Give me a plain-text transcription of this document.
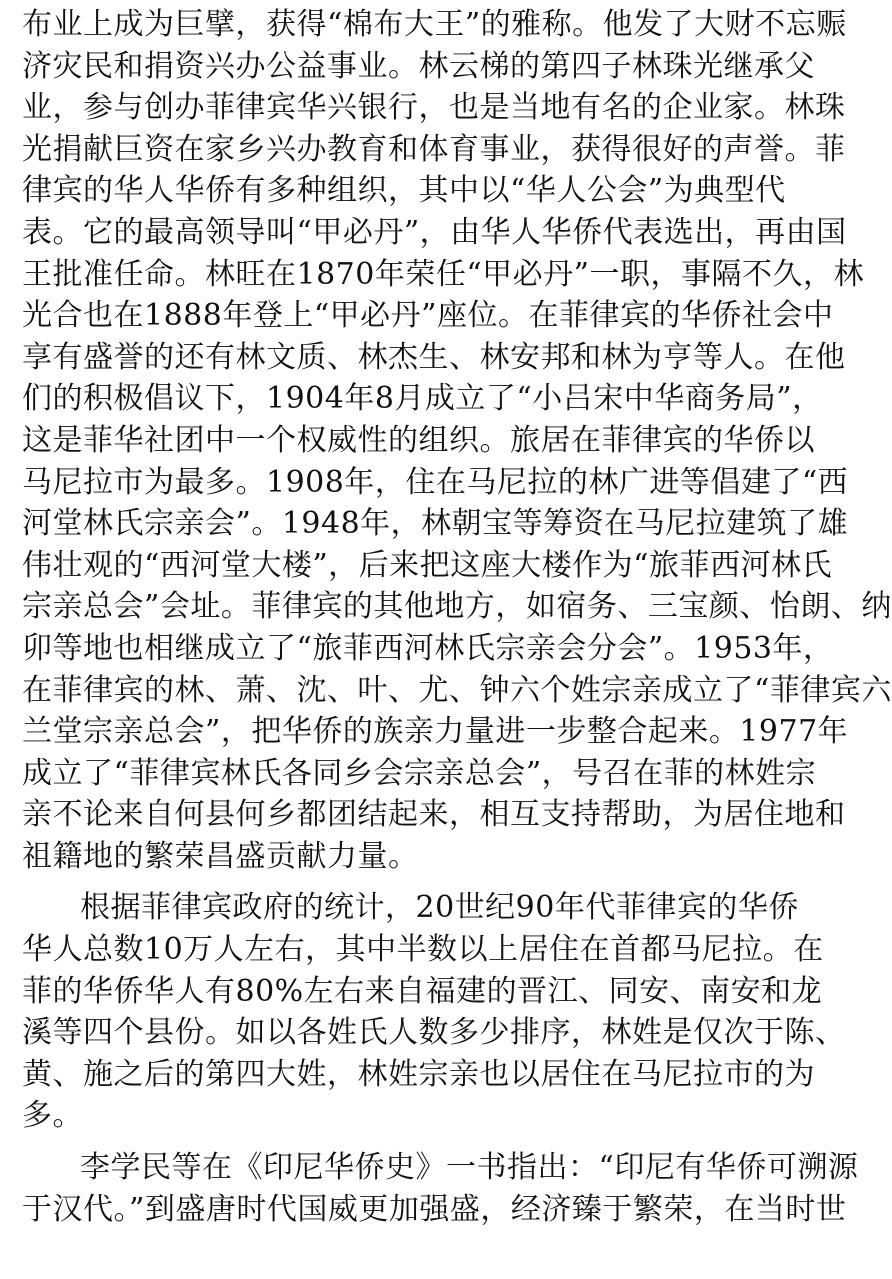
布业上成为巨擘，获得“棉布大王”的雅称。他发了大财不忘赈
济灾民和捐资兴办公益事业。林云梯的第四子林珠光继承父
业，参与创办菲律宾华兴银行，也是当地有名的企业家。林珠
光捐献巨资在家乡兴办教育和体育事业，获得很好的声誉。菲
律宾的华人华侨有多种组织，其中以“华人公会”为典型代
表。它的最高领导叫“甲必丹”，由华人华侨代表选出，再由国
王批准任命。林旺在1870年荣任“甲必丹”一职，事隔不久，林
光合也在1888年登上“甲必丹”座位。在菲律宾的华侨社会中
享有盛誉的还有林文质、林杰生、林安邦和林为亨等人。在他
们的积极倡议下，1904年8月成立了“小吕宋中华商务局”，
这是菲华社团中一个权威性的组织。旅居在菲律宾的华侨以
马尼拉市为最多。1908年，住在马尼拉的林广进等倡建了“西
河堂林氏宗亲会”。1948年，林朝宝等筹资在马尼拉建筑了雄
伟壮观的“西河堂大楼”，后来把这座大楼作为“旅菲西河林氏
宗亲总会”会址。菲律宾的其他地方，如宿务、三宝颜、怡朗、纳
卯等地也相继成立了“旅菲西河林氏宗亲会分会”。1953年，
在菲律宾的林、萧、沈、叶、尤、钟六个姓宗亲成立了“菲律宾六
兰堂宗亲总会”，把华侨的族亲力量进一步整合起来。1977年
成立了“菲律宾林氏各同乡会宗亲总会”，号召在菲的林姓宗
亲不论来自何县何乡都团结起来，相互支持帮助，为居住地和
祖籍地的繁荣昌盛贡献力量。
根据菲律宾政府的统计，20世纪90年代菲律宾的华侨
华人总数10万人左右，其中半数以上居住在首都马尼拉。在
菲的华侨华人有80%左右来自福建的晋江、同安、南安和龙
溪等四个县份。如以各姓氏人数多少排序，林姓是仅次于陈、
黄、施之后的第四大姓，林姓宗亲也以居住在马尼拉市的为
多。
李学民等在《印尼华侨史》一书指出：“印尼有华侨可溯源
于汉代。”到盛唐时代国威更加强盛，经济臻于繁荣，在当时世
